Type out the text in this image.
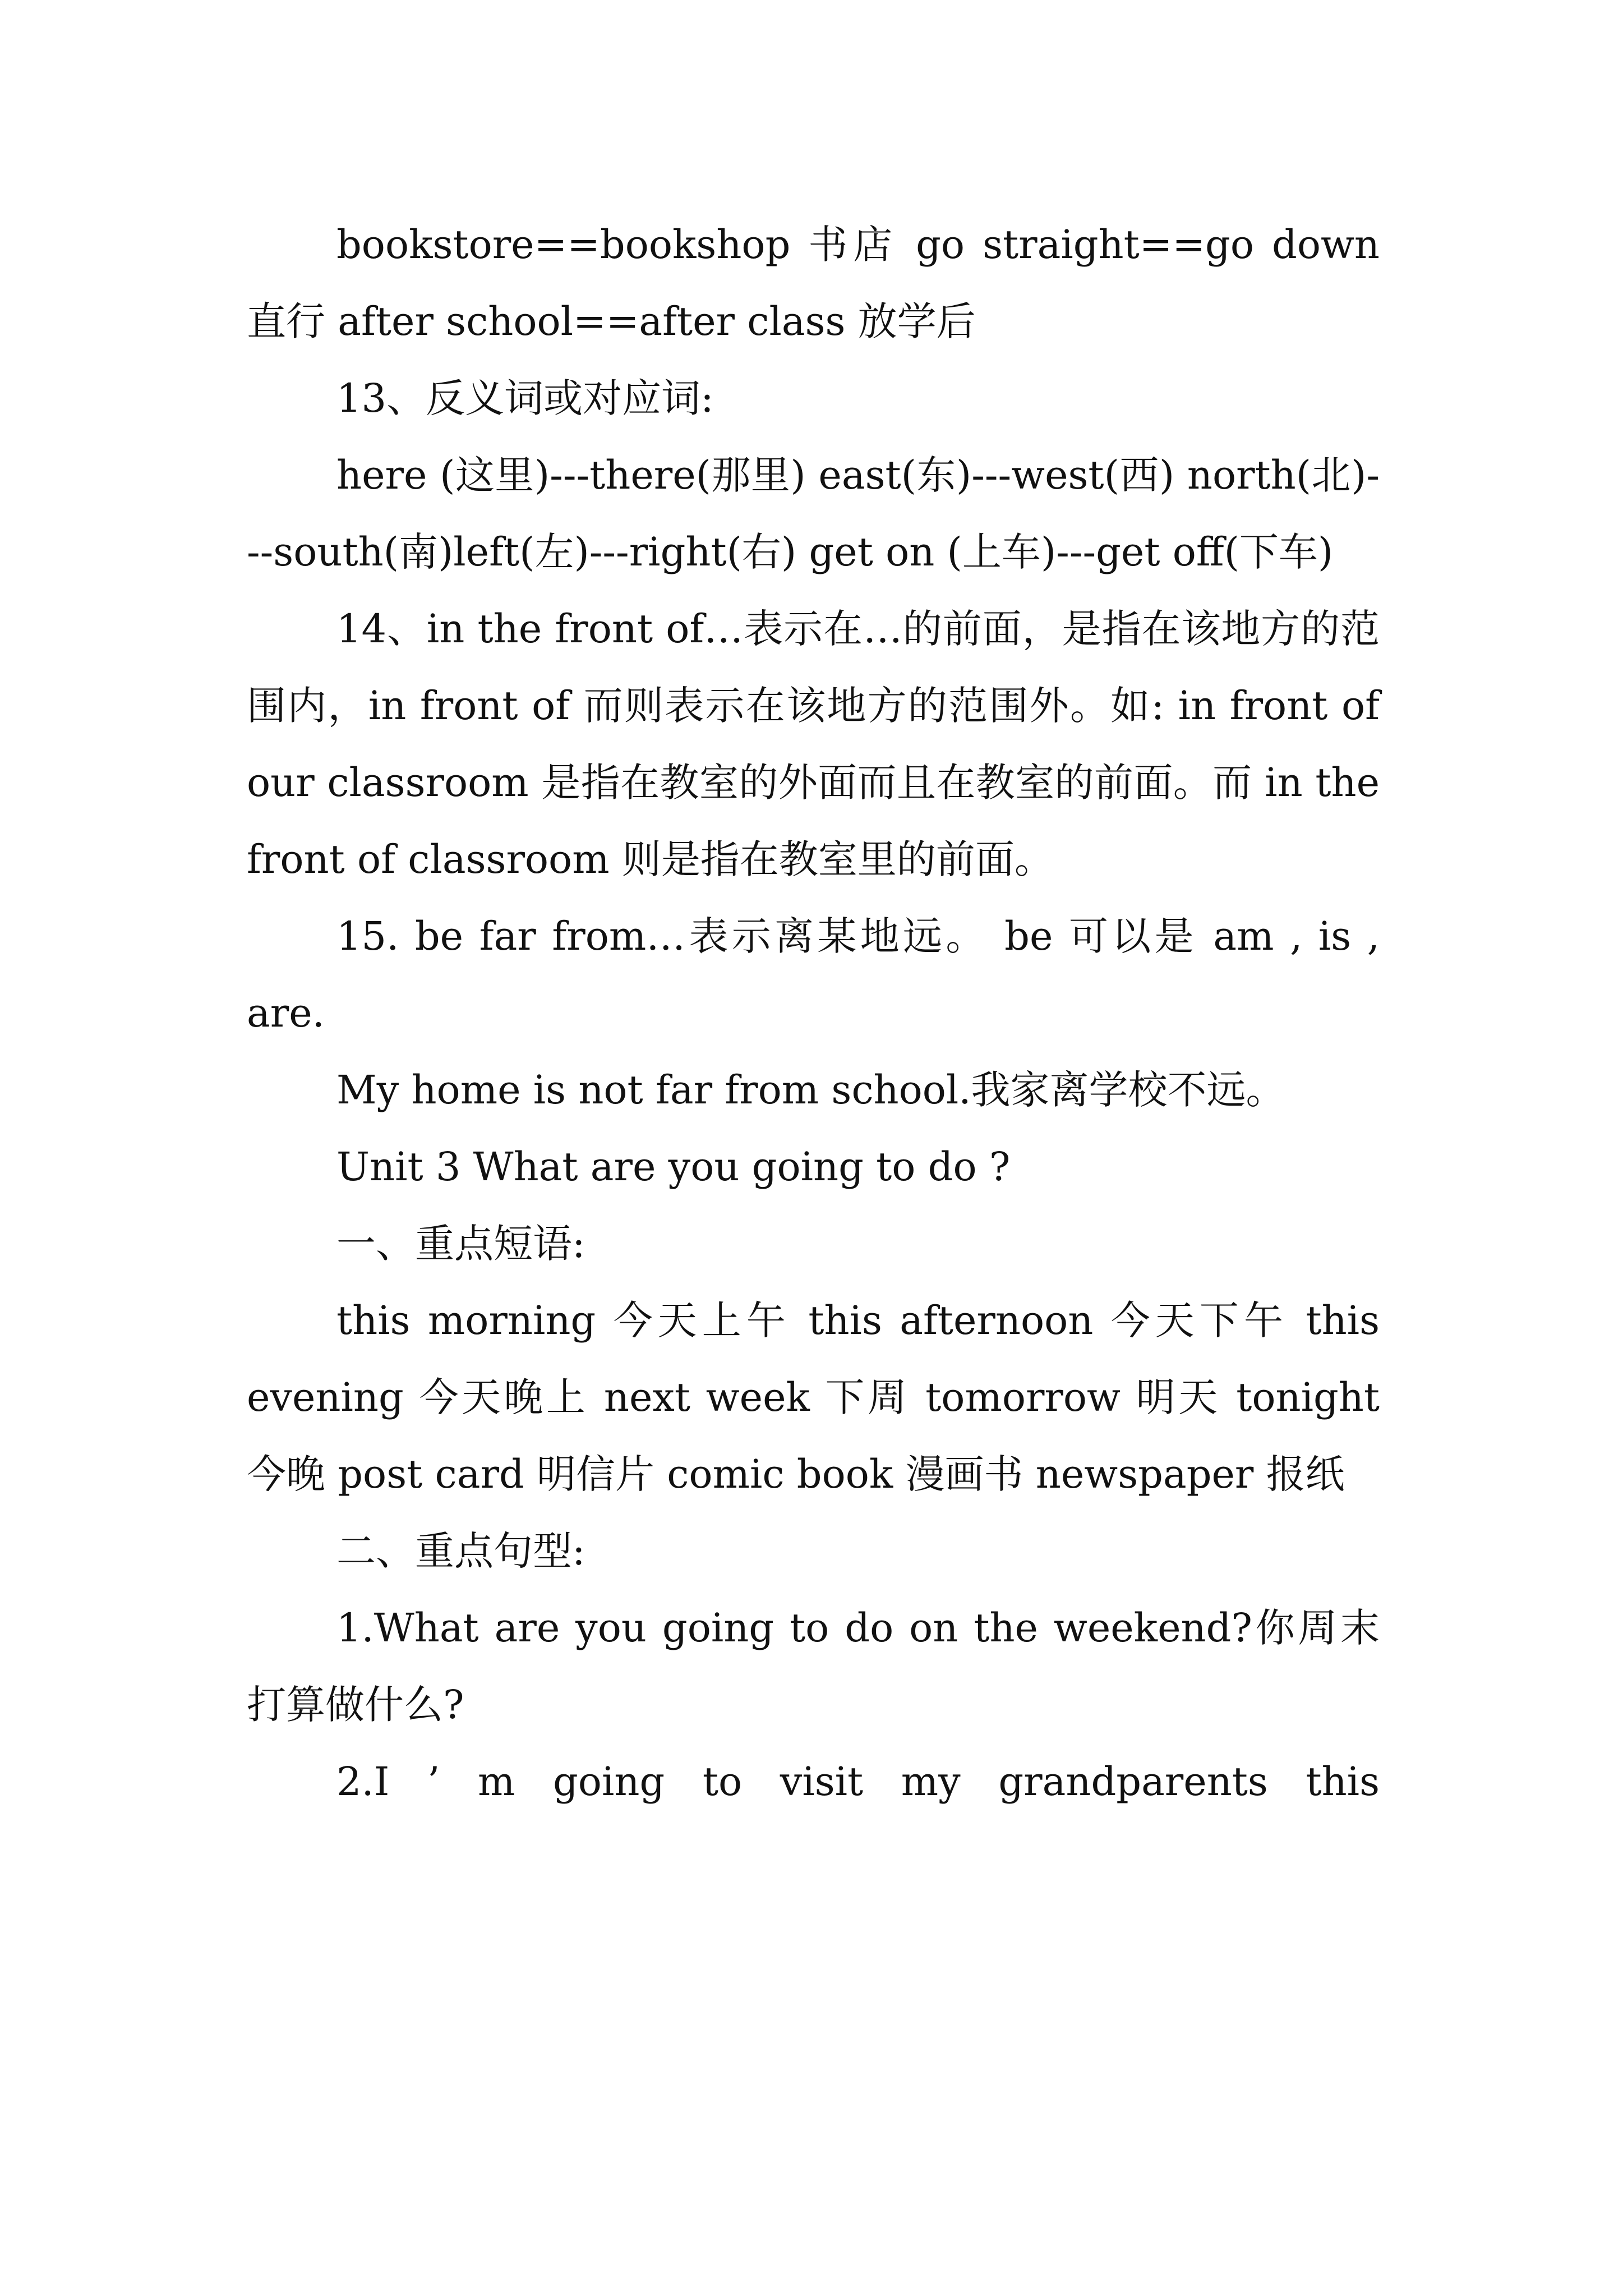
bookstore==bookshop 书店 go straight==go down 直行 after school==after class 放学后

13、反义词或对应词:

here (这里)---there(那里) east(东)---west(西) north(北)---south(南)left(左)---right(右) get on (上车)---get off(下车)

14、in the front of…表示在…的前面，是指在该地方的范围内，in front of 而则表示在该地方的范围外。如: in front of our classroom 是指在教室的外面而且在教室的前面。而 in the front of classroom 则是指在教室里的前面。

15. be far from…表示离某地远。 be 可以是 am , is , are.

My home is not far from school.我家离学校不远。

Unit 3 What are you going to do ?

一、重点短语:

this morning 今天上午 this afternoon 今天下午 this evening 今天晚上 next week 下周 tomorrow 明天 tonight 今晚 post card 明信片 comic book 漫画书 newspaper 报纸

二、重点句型:

1.What are you going to do on the weekend?你周末打算做什么?

2.I ’ m going to visit my grandparents this
